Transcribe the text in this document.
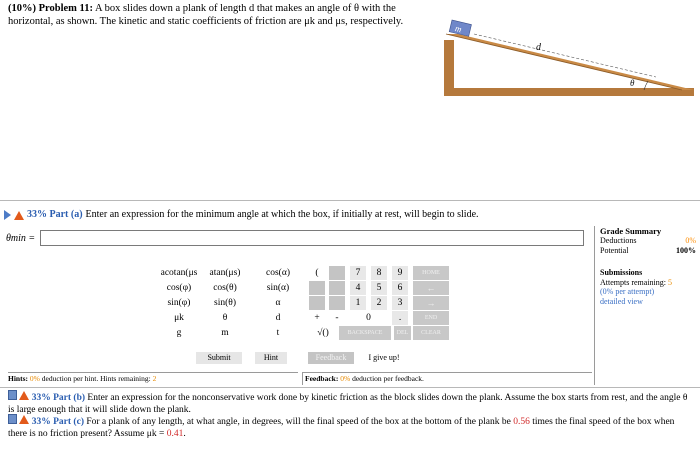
(10%) Problem 11: A box slides down a plank of length d that makes an angle of θ with the horizontal, as shown. The kinetic and static coefficients of friction are μk and μs, respectively.
m
d
θ
33% Part (a) Enter an expression for the minimum angle at which the box, if initially at rest, will begin to slide.
θmin =
Grade Summary
Deductions	0%
Potential	100%
Submissions
Attempts remaining: 5
(0% per attempt)
detailed view
acotan(μs	atan(μs)	cos(α)
cos(φ)	cos(θ)	sin(α)
sin(φ)	sin(θ)	α
μk	θ	d
g	m	t
(	7	8	9	HOME
4	5	6	←
1	2	3	→
+	-	0	.	END
√()	BACKSPACE	DEL	CLEAR
Submit	Hint	Feedback	I give up!
Hints: 0% deduction per hint. Hints remaining: 2	Feedback: 0% deduction per feedback.
33% Part (b) Enter an expression for the nonconservative work done by kinetic friction as the block slides down the plank. Assume the box starts from rest, and the angle θ is large enough that it will slide down the plank.
33% Part (c) For a plank of any length, at what angle, in degrees, will the final speed of the box at the bottom of the plank be 0.56 times the final speed of the box when there is no friction present? Assume μk = 0.41.
